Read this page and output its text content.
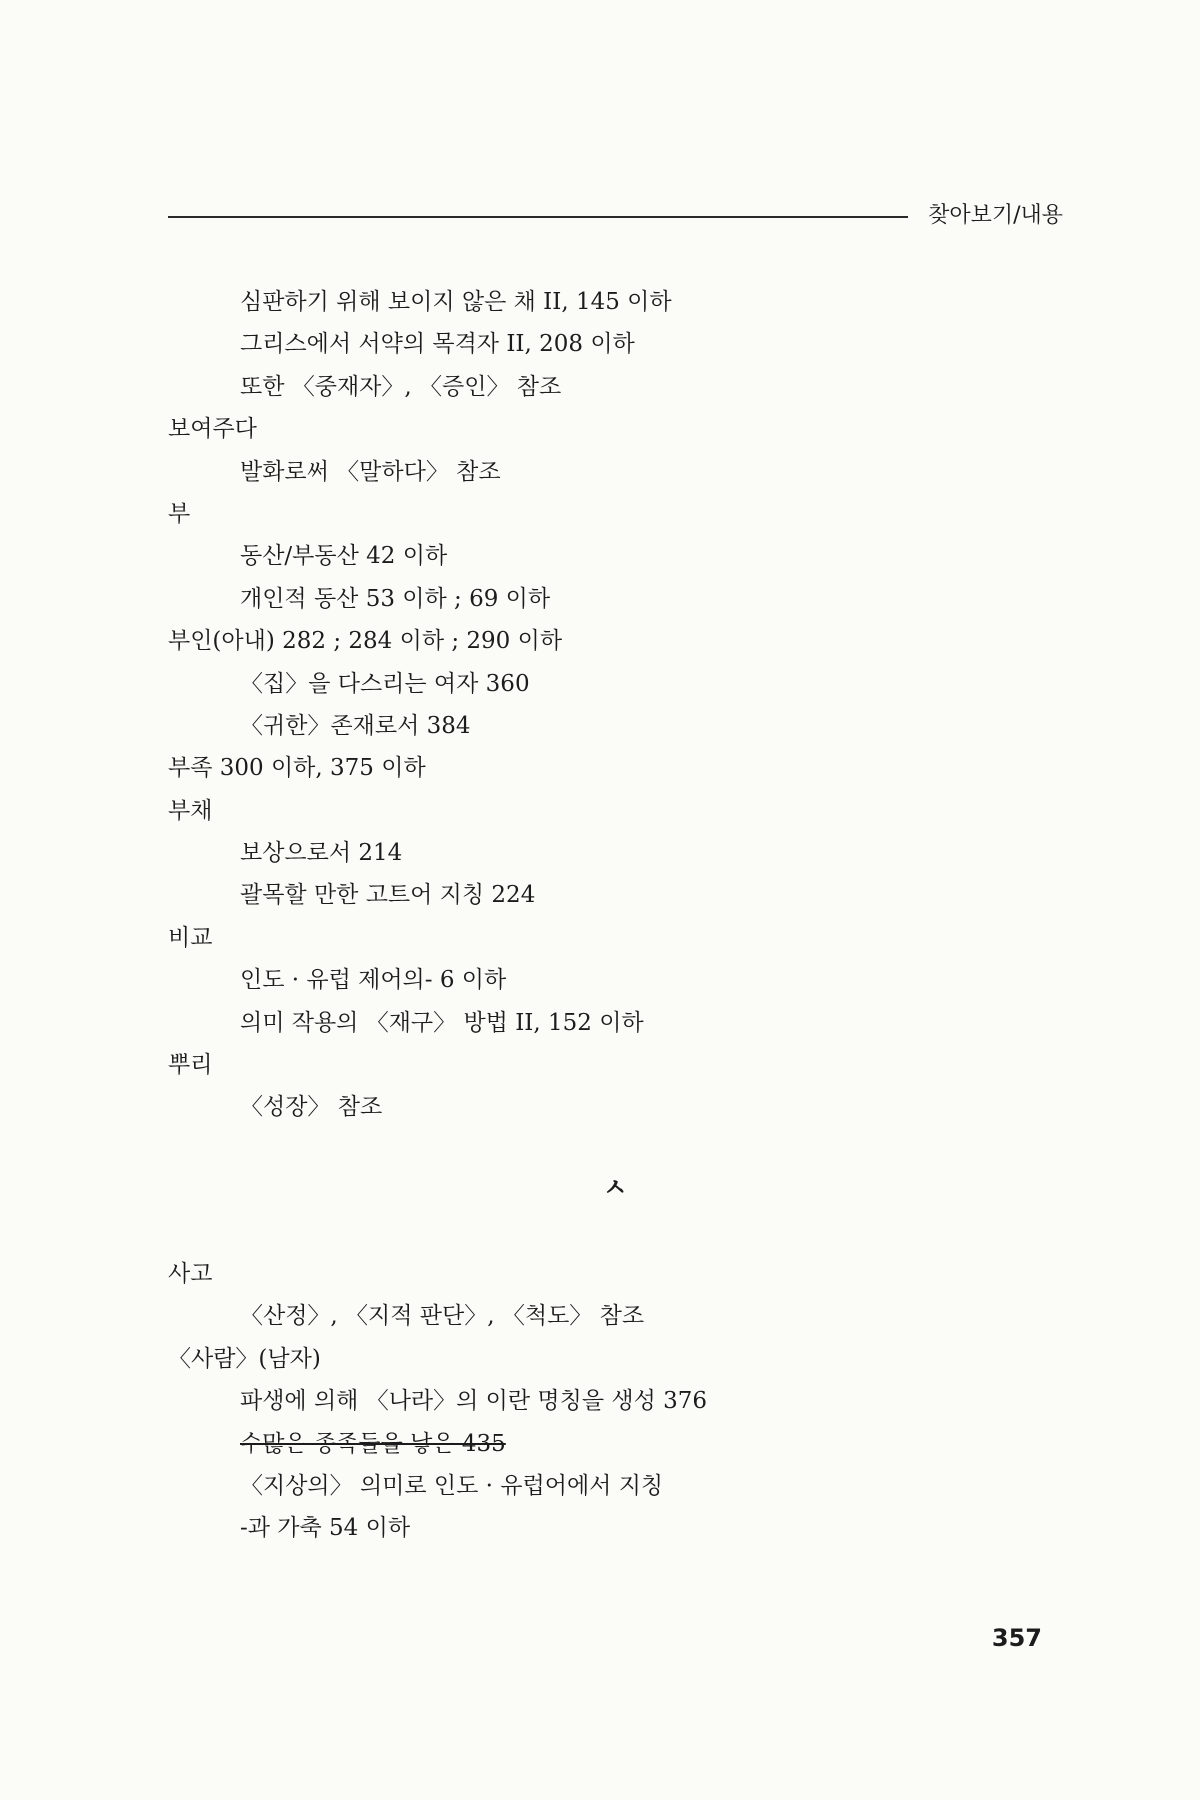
찾아보기/내용
심판하기 위해 보이지 않은 채 II, 145 이하
그리스에서 서약의 목격자 II, 208 이하
또한 〈중재자〉, 〈증인〉 참조
보여주다
발화로써 〈말하다〉 참조
부
동산/부동산 42 이하
개인적 동산 53 이하 ; 69 이하
부인(아내) 282 ; 284 이하 ; 290 이하
〈집〉을 다스리는 여자 360
〈귀한〉존재로서 384
부족 300 이하, 375 이하
부채
보상으로서 214
괄목할 만한 고트어 지칭 224
비교
인도 · 유럽 제어의- 6 이하
의미 작용의 〈재구〉 방법 II, 152 이하
뿌리
〈성장〉 참조
ㅅ
사고
〈산정〉, 〈지적 판단〉, 〈척도〉 참조
〈사람〉(남자)
파생에 의해 〈나라〉의 이란 명칭을 생성 376
수많은 종족들을 낳은 435
〈지상의〉 의미로 인도 · 유럽어에서 지칭
-과 가축 54 이하
357
